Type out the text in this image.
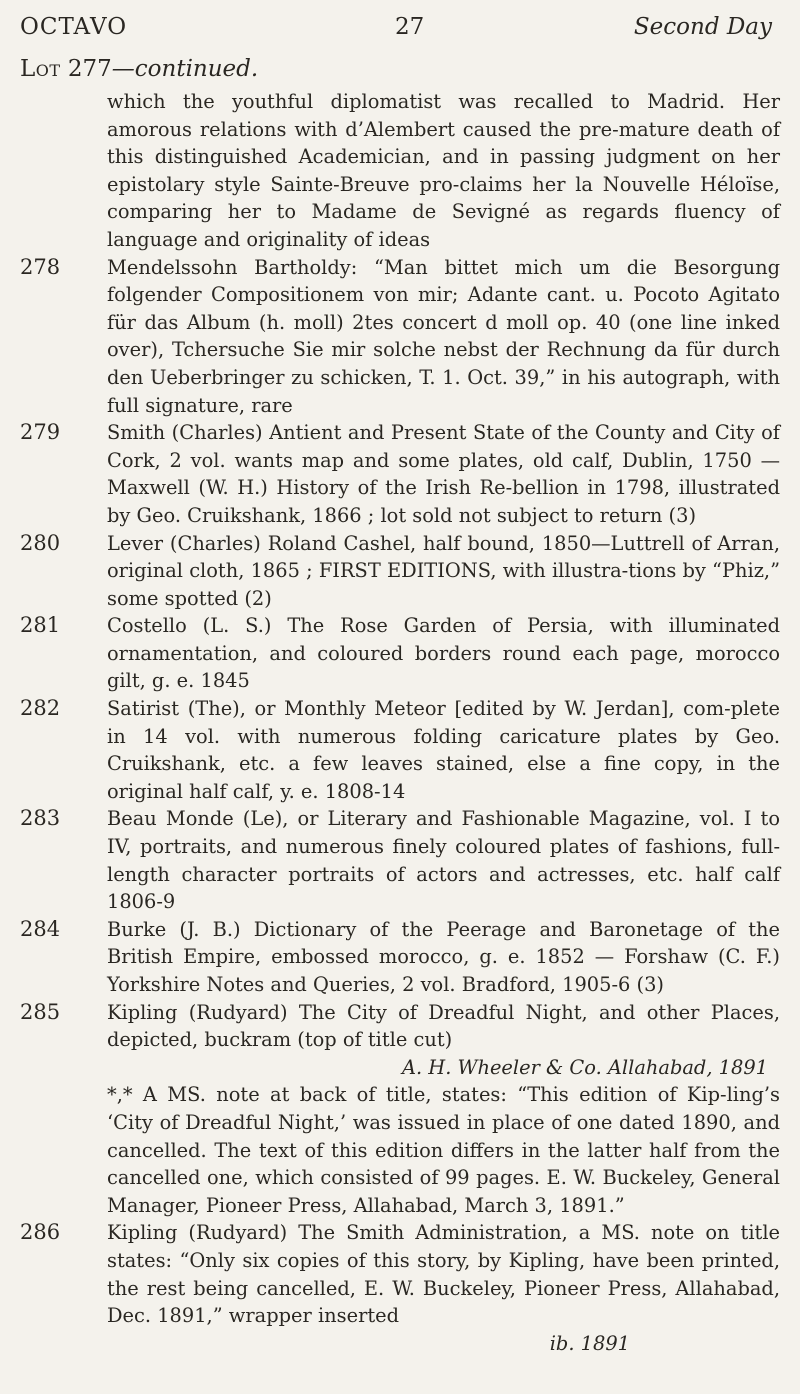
OCTAVO	27	Second Day
Lot 277—continued.
which the youthful diplomatist was recalled to Madrid. Her amorous relations with d’Alembert caused the pre-mature death of this distinguished Academician, and in passing judgment on her epistolary style Sainte-Breuve pro-claims her la Nouvelle Héloïse, comparing her to Madame de Sevigné as regards fluency of language and originality of ideas
278	Mendelssohn Bartholdy: “Man bittet mich um die Besorgung folgender Compositionem von mir; Adante cant. u. Pocoto Agitato für das Album (h. moll) 2tes concert d moll op. 40 (one line inked over), Tchersuche Sie mir solche nebst der Rechnung da für durch den Ueberbringer zu schicken, T. 1. Oct. 39,” in his autograph, with full signature, rare
279	Smith (Charles) Antient and Present State of the County and City of Cork, 2 vol. wants map and some plates, old calf, Dublin, 1750 — Maxwell (W. H.) History of the Irish Re-bellion in 1798, illustrated by Geo. Cruikshank, 1866 ; lot sold not subject to return (3)
280	Lever (Charles) Roland Cashel, half bound, 1850—Luttrell of Arran, original cloth, 1865 ; FIRST EDITIONS, with illustra-tions by “Phiz,” some spotted (2)
281	Costello (L. S.) The Rose Garden of Persia, with illuminated ornamentation, and coloured borders round each page, morocco gilt, g. e. 1845
282	Satirist (The), or Monthly Meteor [edited by W. Jerdan], com-plete in 14 vol. with numerous folding caricature plates by Geo. Cruikshank, etc. a few leaves stained, else a fine copy, in the original half calf, y. e. 1808-14
283	Beau Monde (Le), or Literary and Fashionable Magazine, vol. I to IV, portraits, and numerous finely coloured plates of fashions, full-length character portraits of actors and actresses, etc. half calf 1806-9
284	Burke (J. B.) Dictionary of the Peerage and Baronetage of the British Empire, embossed morocco, g. e. 1852 — Forshaw (C. F.) Yorkshire Notes and Queries, 2 vol. Bradford, 1905-6 (3)
285	Kipling (Rudyard) The City of Dreadful Night, and other Places, depicted, buckram (top of title cut)
A. H. Wheeler & Co. Allahabad, 1891
*,* A MS. note at back of title, states: “This edition of Kip-ling’s ‘City of Dreadful Night,’ was issued in place of one dated 1890, and cancelled. The text of this edition differs in the latter half from the cancelled one, which consisted of 99 pages. E. W. Buckeley, General Manager, Pioneer Press, Allahabad, March 3, 1891.”
286	Kipling (Rudyard) The Smith Administration, a MS. note on title states: “Only six copies of this story, by Kipling, have been printed, the rest being cancelled, E. W. Buckeley, Pioneer Press, Allahabad, Dec. 1891,” wrapper inserted
ib. 1891
